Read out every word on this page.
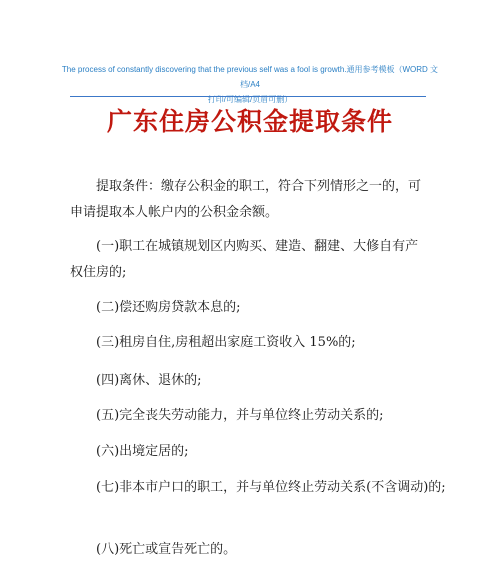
The process of constantly discovering that the previous self was a fool is growth.通用参考模板（WORD 文档/A4
打印/可编辑/页眉可删）
广东住房公积金提取条件
提取条件：缴存公积金的职工，符合下列情形之一的，可
申请提取本人帐户内的公积金余额。
(一)职工在城镇规划区内购买、建造、翻建、大修自有产
权住房的;
(二)偿还购房贷款本息的;
(三)租房自住,房租超出家庭工资收入 15%的;
(四)离休、退休的;
(五)完全丧失劳动能力，并与单位终止劳动关系的;
(六)出境定居的;
(七)非本市户口的职工，并与单位终止劳动关系(不含调动)的;
(八)死亡或宣告死亡的。
